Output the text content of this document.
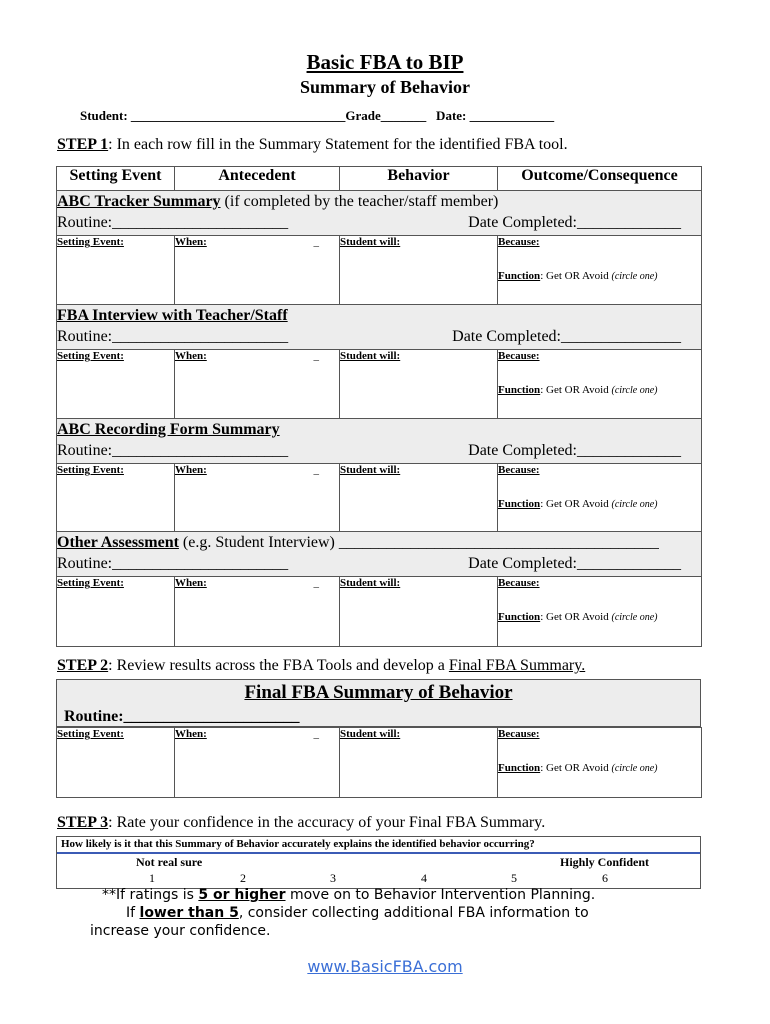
Basic FBA to BIP
Summary of Behavior
Student: _________________________________Grade_______   Date: _____________
STEP 1: In each row fill in the Summary Statement for the identified FBA tool.
Setting Event	Antecedent	Behavior	Outcome/Consequence
ABC Tracker Summary (if completed by the teacher/staff member)
Routine:______________________	Date Completed:_____________

Setting Event:	When:	_	Student will:	Because:
Function: Get OR Avoid (circle one)
FBA Interview with Teacher/Staff
Routine:______________________	Date Completed:_______________

Setting Event:	When:	_	Student will:	Because:
Function: Get OR Avoid (circle one)
ABC Recording Form Summary
Routine:______________________	Date Completed:_____________

Setting Event:	When:	_	Student will:	Because:
Function: Get OR Avoid (circle one)
Other Assessment (e.g. Student Interview) ________________________________________
Routine:______________________	Date Completed:_____________

Setting Event:	When:	_	Student will:	Because:
Function: Get OR Avoid (circle one)
STEP 2: Review results across the FBA Tools and develop a Final FBA Summary.
Final FBA Summary of Behavior
Routine:______________________
Setting Event:	When:	_	Student will:	Because:
Function: Get OR Avoid (circle one)
STEP 3: Rate your confidence in the accuracy of your Final FBA Summary.
How likely is it that this Summary of Behavior accurately explains the identified behavior occurring?
Not real sure	Highly Confident
1	2	3	4	5	6
**If ratings is 5 or higher move on to Behavior Intervention Planning.
If lower than 5, consider collecting additional FBA information to
increase your confidence.
www.BasicFBA.com
